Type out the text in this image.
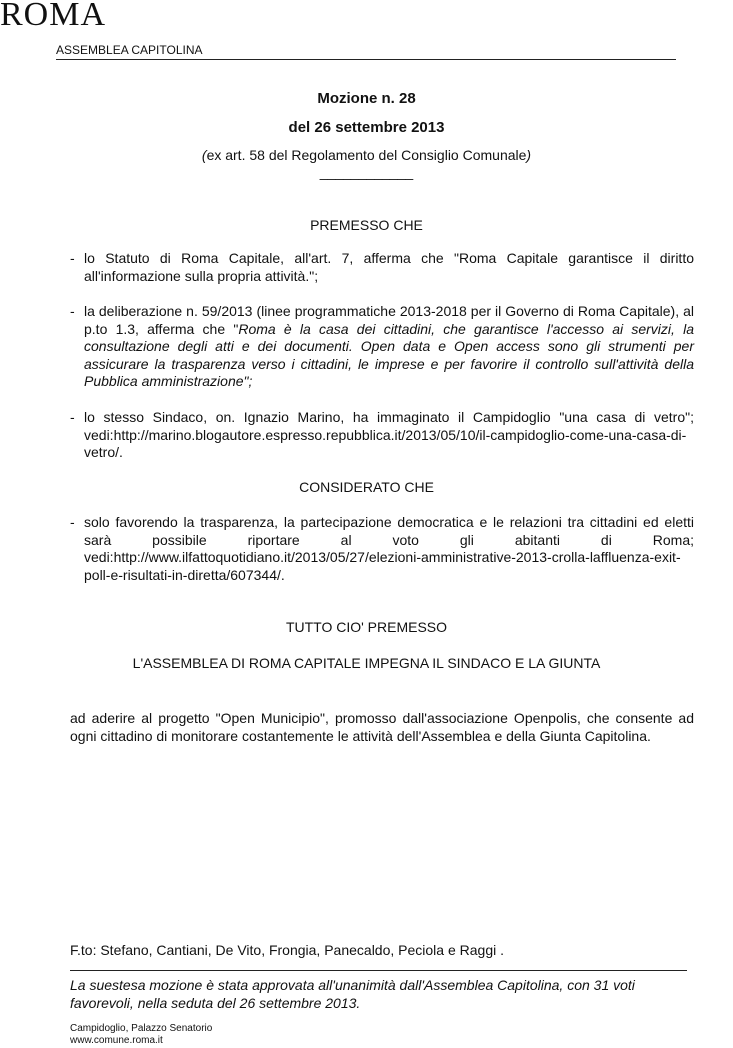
ROMA
ASSEMBLEA CAPITOLINA
Mozione n. 28
del 26 settembre 2013
(ex art. 58 del Regolamento del Consiglio Comunale)
____________
PREMESSO CHE
- lo Statuto di Roma Capitale, all'art. 7, afferma che "Roma Capitale garantisce il diritto all'informazione sulla propria attività.";
- la deliberazione n. 59/2013 (linee programmatiche 2013-2018 per il Governo di Roma Capitale), al p.to 1.3, afferma che "Roma è la casa dei cittadini, che garantisce l'accesso ai servizi, la consultazione degli atti e dei documenti. Open data e Open access sono gli strumenti per assicurare la trasparenza verso i cittadini, le imprese e per favorire il controllo sull'attività della Pubblica amministrazione";
- lo stesso Sindaco, on. Ignazio Marino, ha immaginato il Campidoglio "una casa di vetro"; vedi:http://marino.blogautore.espresso.repubblica.it/2013/05/10/il-campidoglio-come-una-casa-di-vetro/.
CONSIDERATO CHE
- solo favorendo la trasparenza, la partecipazione democratica e le relazioni tra cittadini ed eletti sarà possibile riportare al voto gli abitanti di Roma; vedi:http://www.ilfattoquotidiano.it/2013/05/27/elezioni-amministrative-2013-crolla-laffluenza-exit-poll-e-risultati-in-diretta/607344/.
TUTTO CIO' PREMESSO
L'ASSEMBLEA DI ROMA CAPITALE IMPEGNA IL SINDACO E LA GIUNTA
ad aderire al progetto "Open Municipio", promosso dall'associazione Openpolis, che consente ad ogni cittadino di monitorare costantemente le attività dell'Assemblea e della Giunta Capitolina.
F.to: Stefano, Cantiani, De Vito, Frongia, Panecaldo, Peciola e Raggi .
La suestesa mozione è stata approvata all'unanimità dall'Assemblea Capitolina, con 31 voti favorevoli, nella seduta del 26 settembre 2013.
Campidoglio, Palazzo Senatorio
www.comune.roma.it
